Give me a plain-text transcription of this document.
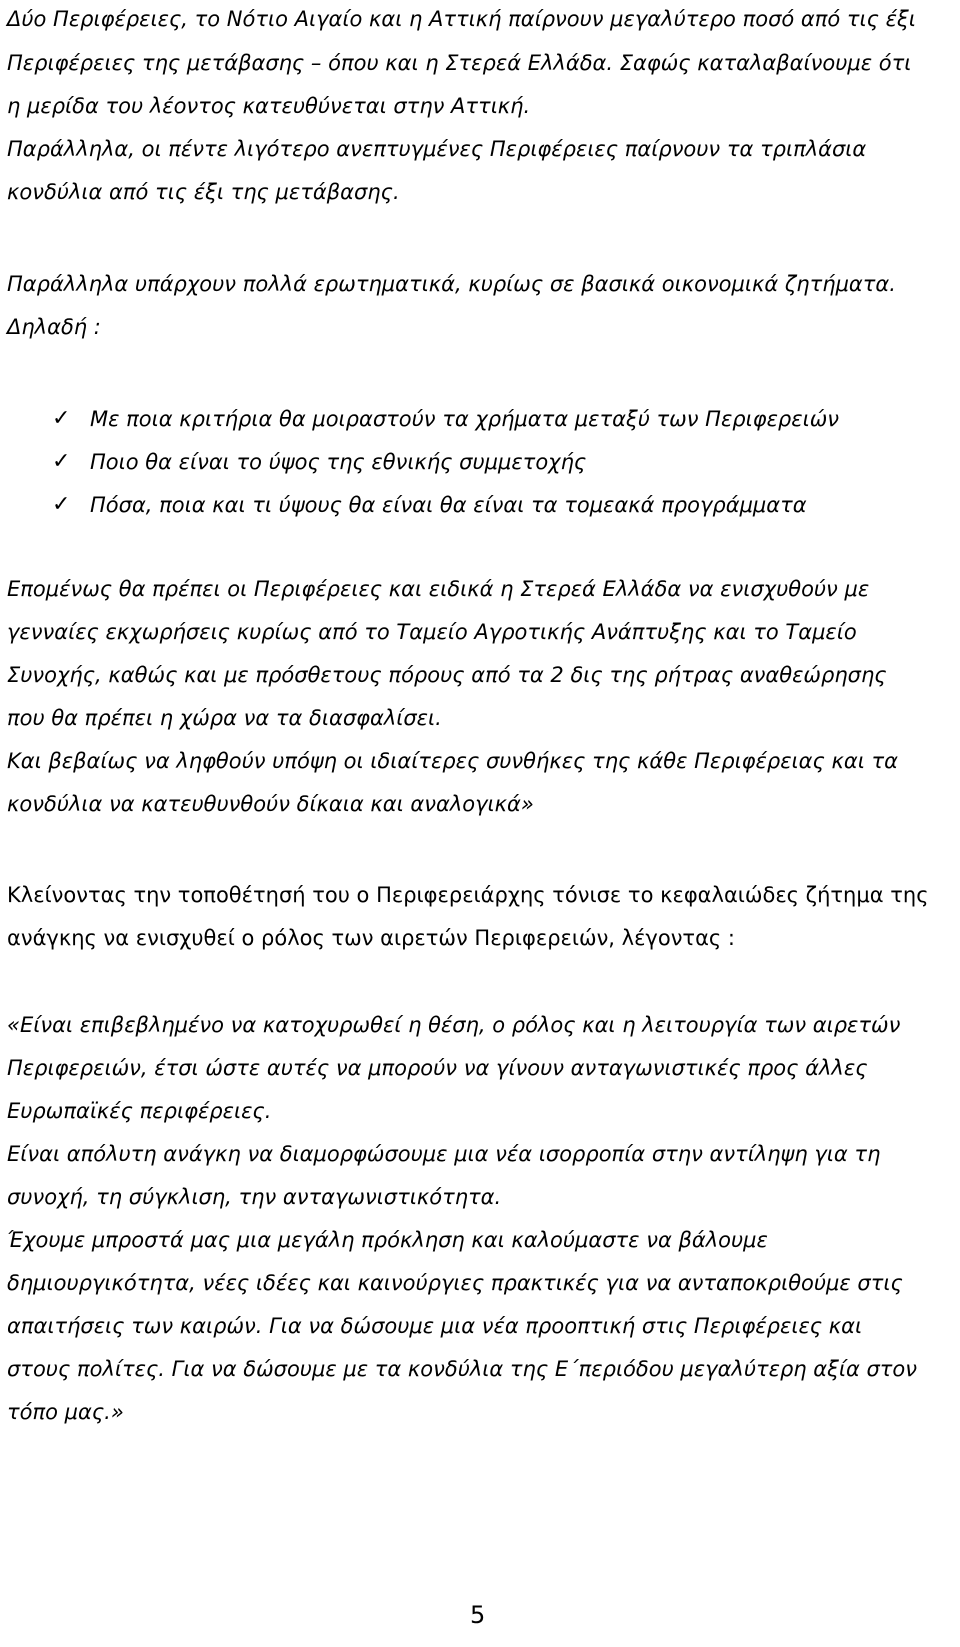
Δύο Περιφέρειες, το Νότιο Αιγαίο και η Αττική παίρνουν μεγαλύτερο ποσό από τις έξι
Περιφέρειες της μετάβασης – όπου και η Στερεά Ελλάδα. Σαφώς καταλαβαίνουμε ότι
η μερίδα του λέοντος κατευθύνεται στην Αττική.
Παράλληλα, οι πέντε λιγότερο ανεπτυγμένες Περιφέρειες παίρνουν τα τριπλάσια
κονδύλια από τις έξι της μετάβασης.
Παράλληλα υπάρχουν πολλά ερωτηματικά, κυρίως σε βασικά οικονομικά ζητήματα.
Δηλαδή :
✓ Με ποια κριτήρια θα μοιραστούν τα χρήματα μεταξύ των Περιφερειών
✓ Ποιο θα είναι το ύψος της εθνικής συμμετοχής
✓ Πόσα, ποια και τι ύψους θα είναι θα είναι τα τομεακά προγράμματα
Επομένως θα πρέπει οι Περιφέρειες και ειδικά η Στερεά Ελλάδα να ενισχυθούν με
γενναίες εκχωρήσεις κυρίως από το Ταμείο Αγροτικής Ανάπτυξης και το Ταμείο
Συνοχής, καθώς και με πρόσθετους πόρους από τα 2 δις της ρήτρας αναθεώρησης
που θα πρέπει η χώρα να τα διασφαλίσει.
Και βεβαίως να ληφθούν υπόψη οι ιδιαίτερες συνθήκες της κάθε Περιφέρειας και τα
κονδύλια να κατευθυνθούν δίκαια και αναλογικά»
Κλείνοντας την τοποθέτησή του ο Περιφερειάρχης τόνισε το κεφαλαιώδες ζήτημα της
ανάγκης να ενισχυθεί ο ρόλος των αιρετών Περιφερειών, λέγοντας :
«Είναι επιβεβλημένο να κατοχυρωθεί η θέση, ο ρόλος και η λειτουργία των αιρετών
Περιφερειών, έτσι ώστε αυτές να μπορούν να γίνουν ανταγωνιστικές προς άλλες
Ευρωπαϊκές περιφέρειες.
Είναι απόλυτη ανάγκη να διαμορφώσουμε μια νέα ισορροπία στην αντίληψη για τη
συνοχή, τη σύγκλιση, την ανταγωνιστικότητα.
Έχουμε μπροστά μας μια μεγάλη πρόκληση και καλούμαστε να βάλουμε
δημιουργικότητα, νέες ιδέες και καινούργιες πρακτικές για να ανταποκριθούμε στις
απαιτήσεις των καιρών. Για να δώσουμε μια νέα προοπτική στις Περιφέρειες και
στους πολίτες. Για να δώσουμε με τα κονδύλια της Ε΄περιόδου μεγαλύτερη αξία στον
τόπο μας.»
5
